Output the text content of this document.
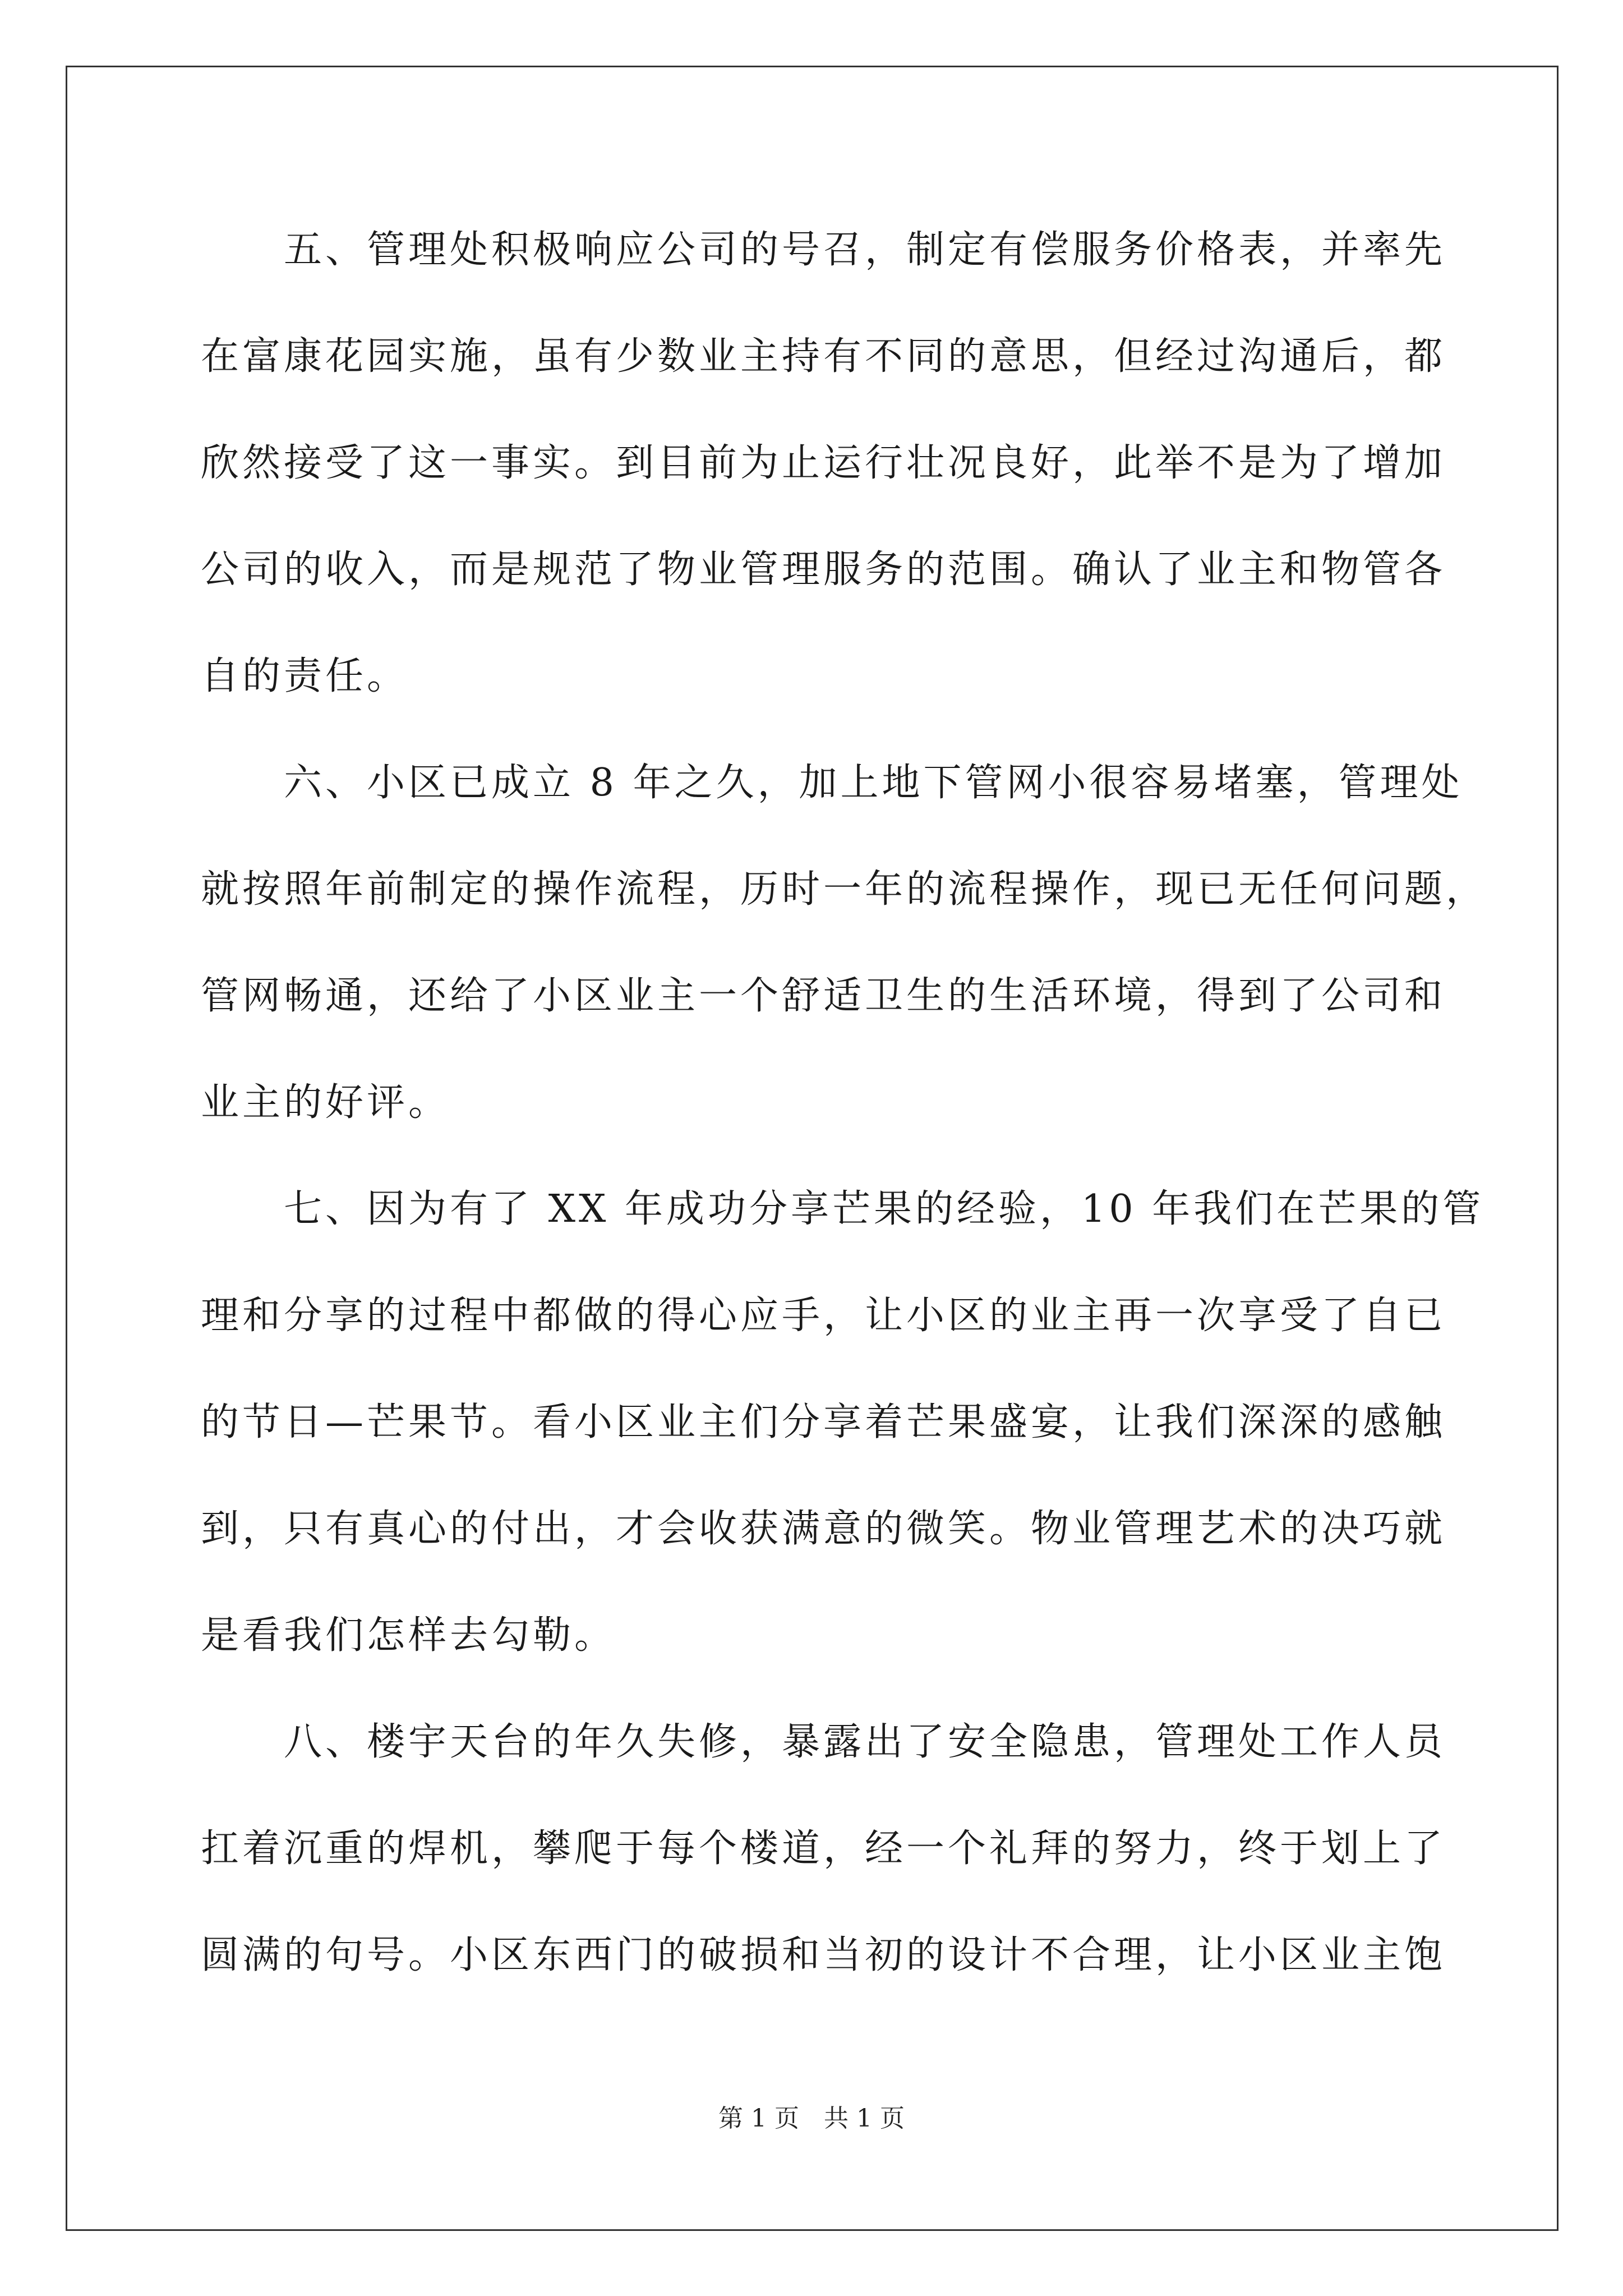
　　五、管理处积极响应公司的号召，制定有偿服务价格表，并率先
在富康花园实施，虽有少数业主持有不同的意思，但经过沟通后，都
欣然接受了这一事实。到目前为止运行壮况良好，此举不是为了增加
公司的收入，而是规范了物业管理服务的范围。确认了业主和物管各
自的责任。
　　六、小区已成立 8 年之久，加上地下管网小很容易堵塞，管理处
就按照年前制定的操作流程，历时一年的流程操作，现已无任何问题，
管网畅通，还给了小区业主一个舒适卫生的生活环境，得到了公司和
业主的好评。
　　七、因为有了 XX 年成功分享芒果的经验，10 年我们在芒果的管
理和分享的过程中都做的得心应手，让小区的业主再一次享受了自已
的节日—芒果节。看小区业主们分享着芒果盛宴，让我们深深的感触
到，只有真心的付出，才会收获满意的微笑。物业管理艺术的决巧就
是看我们怎样去勾勒。
　　八、楼宇天台的年久失修，暴露出了安全隐患，管理处工作人员
扛着沉重的焊机，攀爬于每个楼道，经一个礼拜的努力，终于划上了
圆满的句号。小区东西门的破损和当初的设计不合理，让小区业主饱
第 1 页　共 1 页
